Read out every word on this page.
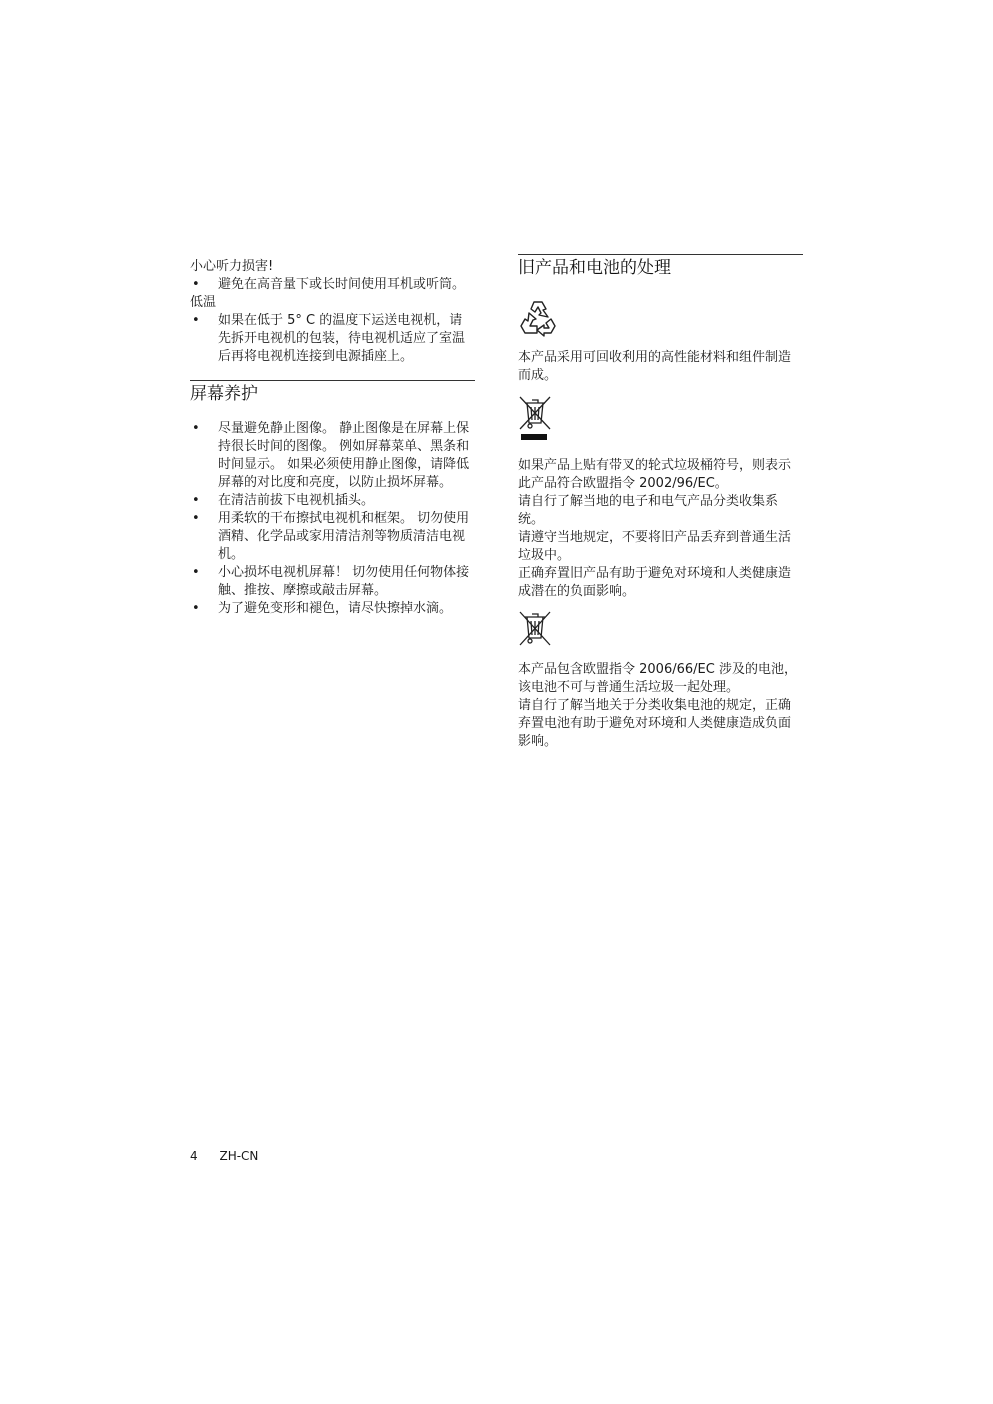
小心听力损害!

• 避免在高音量下或长时间使用耳机或听筒。

低温

• 如果在低于 5° C 的温度下运送电视机，请先拆开电视机的包装，待电视机适应了室温后再将电视机连接到电源插座上。
屏幕养护
• 尽量避免静止图像。 静止图像是在屏幕上保持很长时间的图像。 例如屏幕菜单、黑条和时间显示。 如果必须使用静止图像，请降低屏幕的对比度和亮度，以防止损坏屏幕。
• 在清洁前拔下电视机插头。
• 用柔软的干布擦拭电视机和框架。 切勿使用酒精、化学品或家用清洁剂等物质清洁电视机。
• 小心损坏电视机屏幕！ 切勿使用任何物体接触、推按、摩擦或敲击屏幕。
• 为了避免变形和褪色，请尽快擦掉水滴。
旧产品和电池的处理

本产品采用可回收利用的高性能材料和组件制造而成。

如果产品上贴有带叉的轮式垃圾桶符号，则表示此产品符合欧盟指令 2002/96/EC。

请自行了解当地的电子和电气产品分类收集系统。

请遵守当地规定，不要将旧产品丢弃到普通生活垃圾中。

正确弃置旧产品有助于避免对环境和人类健康造成潜在的负面影响。

本产品包含欧盟指令 2006/66/EC 涉及的电池，该电池不可与普通生活垃圾一起处理。

请自行了解当地关于分类收集电池的规定，正确弃置电池有助于避免对环境和人类健康造成负面影响。

4 ZH-CN
